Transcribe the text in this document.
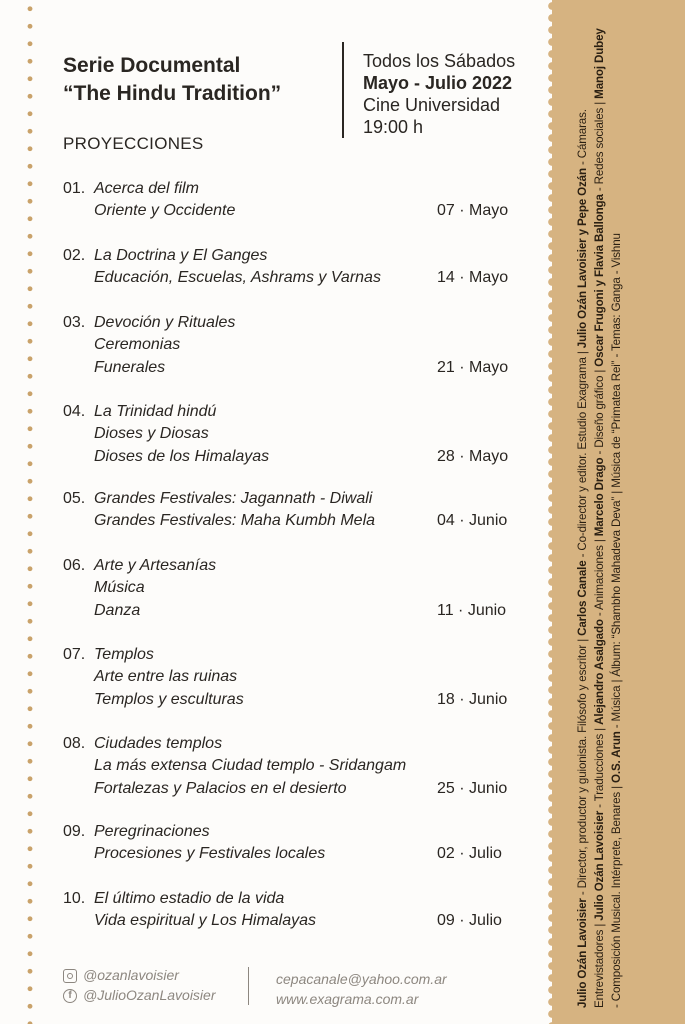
Julio Ozán Lavoisier - Director, productor y guionista. Filósofo y escritor | Carlos Canale - Co-director y editor. Estudio Exagrama | Julio Ozán Lavoisier y Pepe Ozán - Cámaras. Entrevistadores | Julio Ozán Lavoisier - Traducciones | Alejandro Asalgado - Animaciones | Marcelo Drago - Diseño gráfico | Oscar Frugoni y Flavia Ballonga - Redes sociales | Manoj Dubey - Composición Musical. Intérprete, Benares | O.S. Arun - Música | Álbum: “Shambho Mahadeva Deva” | Música de “Primatea Rei” - Temas: Ganga - Vishnu
Serie Documental
“The Hindu Tradition”
Todos los Sábados
Mayo - Julio 2022
Cine Universidad
19:00 h
PROYECCIONES
01. Acerca del film
Oriente y Occidente	07 · Mayo
02. La Doctrina y El Ganges
Educación, Escuelas, Ashrams y Varnas	14 · Mayo
03. Devoción y Rituales
Ceremonias
Funerales	21 · Mayo
04. La Trinidad hindú
Dioses y Diosas
Dioses de los Himalayas	28 · Mayo
05. Grandes Festivales: Jagannath - Diwali
Grandes Festivales: Maha Kumbh Mela	04 · Junio
06. Arte y Artesanías
Música
Danza	11 · Junio
07. Templos
Arte entre las ruinas
Templos y esculturas	18 · Junio
08. Ciudades templos
La más extensa Ciudad templo - Sridangam
Fortalezas y Palacios en el desierto	25 · Junio
09. Peregrinaciones
Procesiones y Festivales locales	02 · Julio
10. El último estadio de la vida
Vida espiritual y Los Himalayas	09 · Julio
@ozanlavoisier
f @JulioOzanLavoisier
cepacanale@yahoo.com.ar
www.exagrama.com.ar
